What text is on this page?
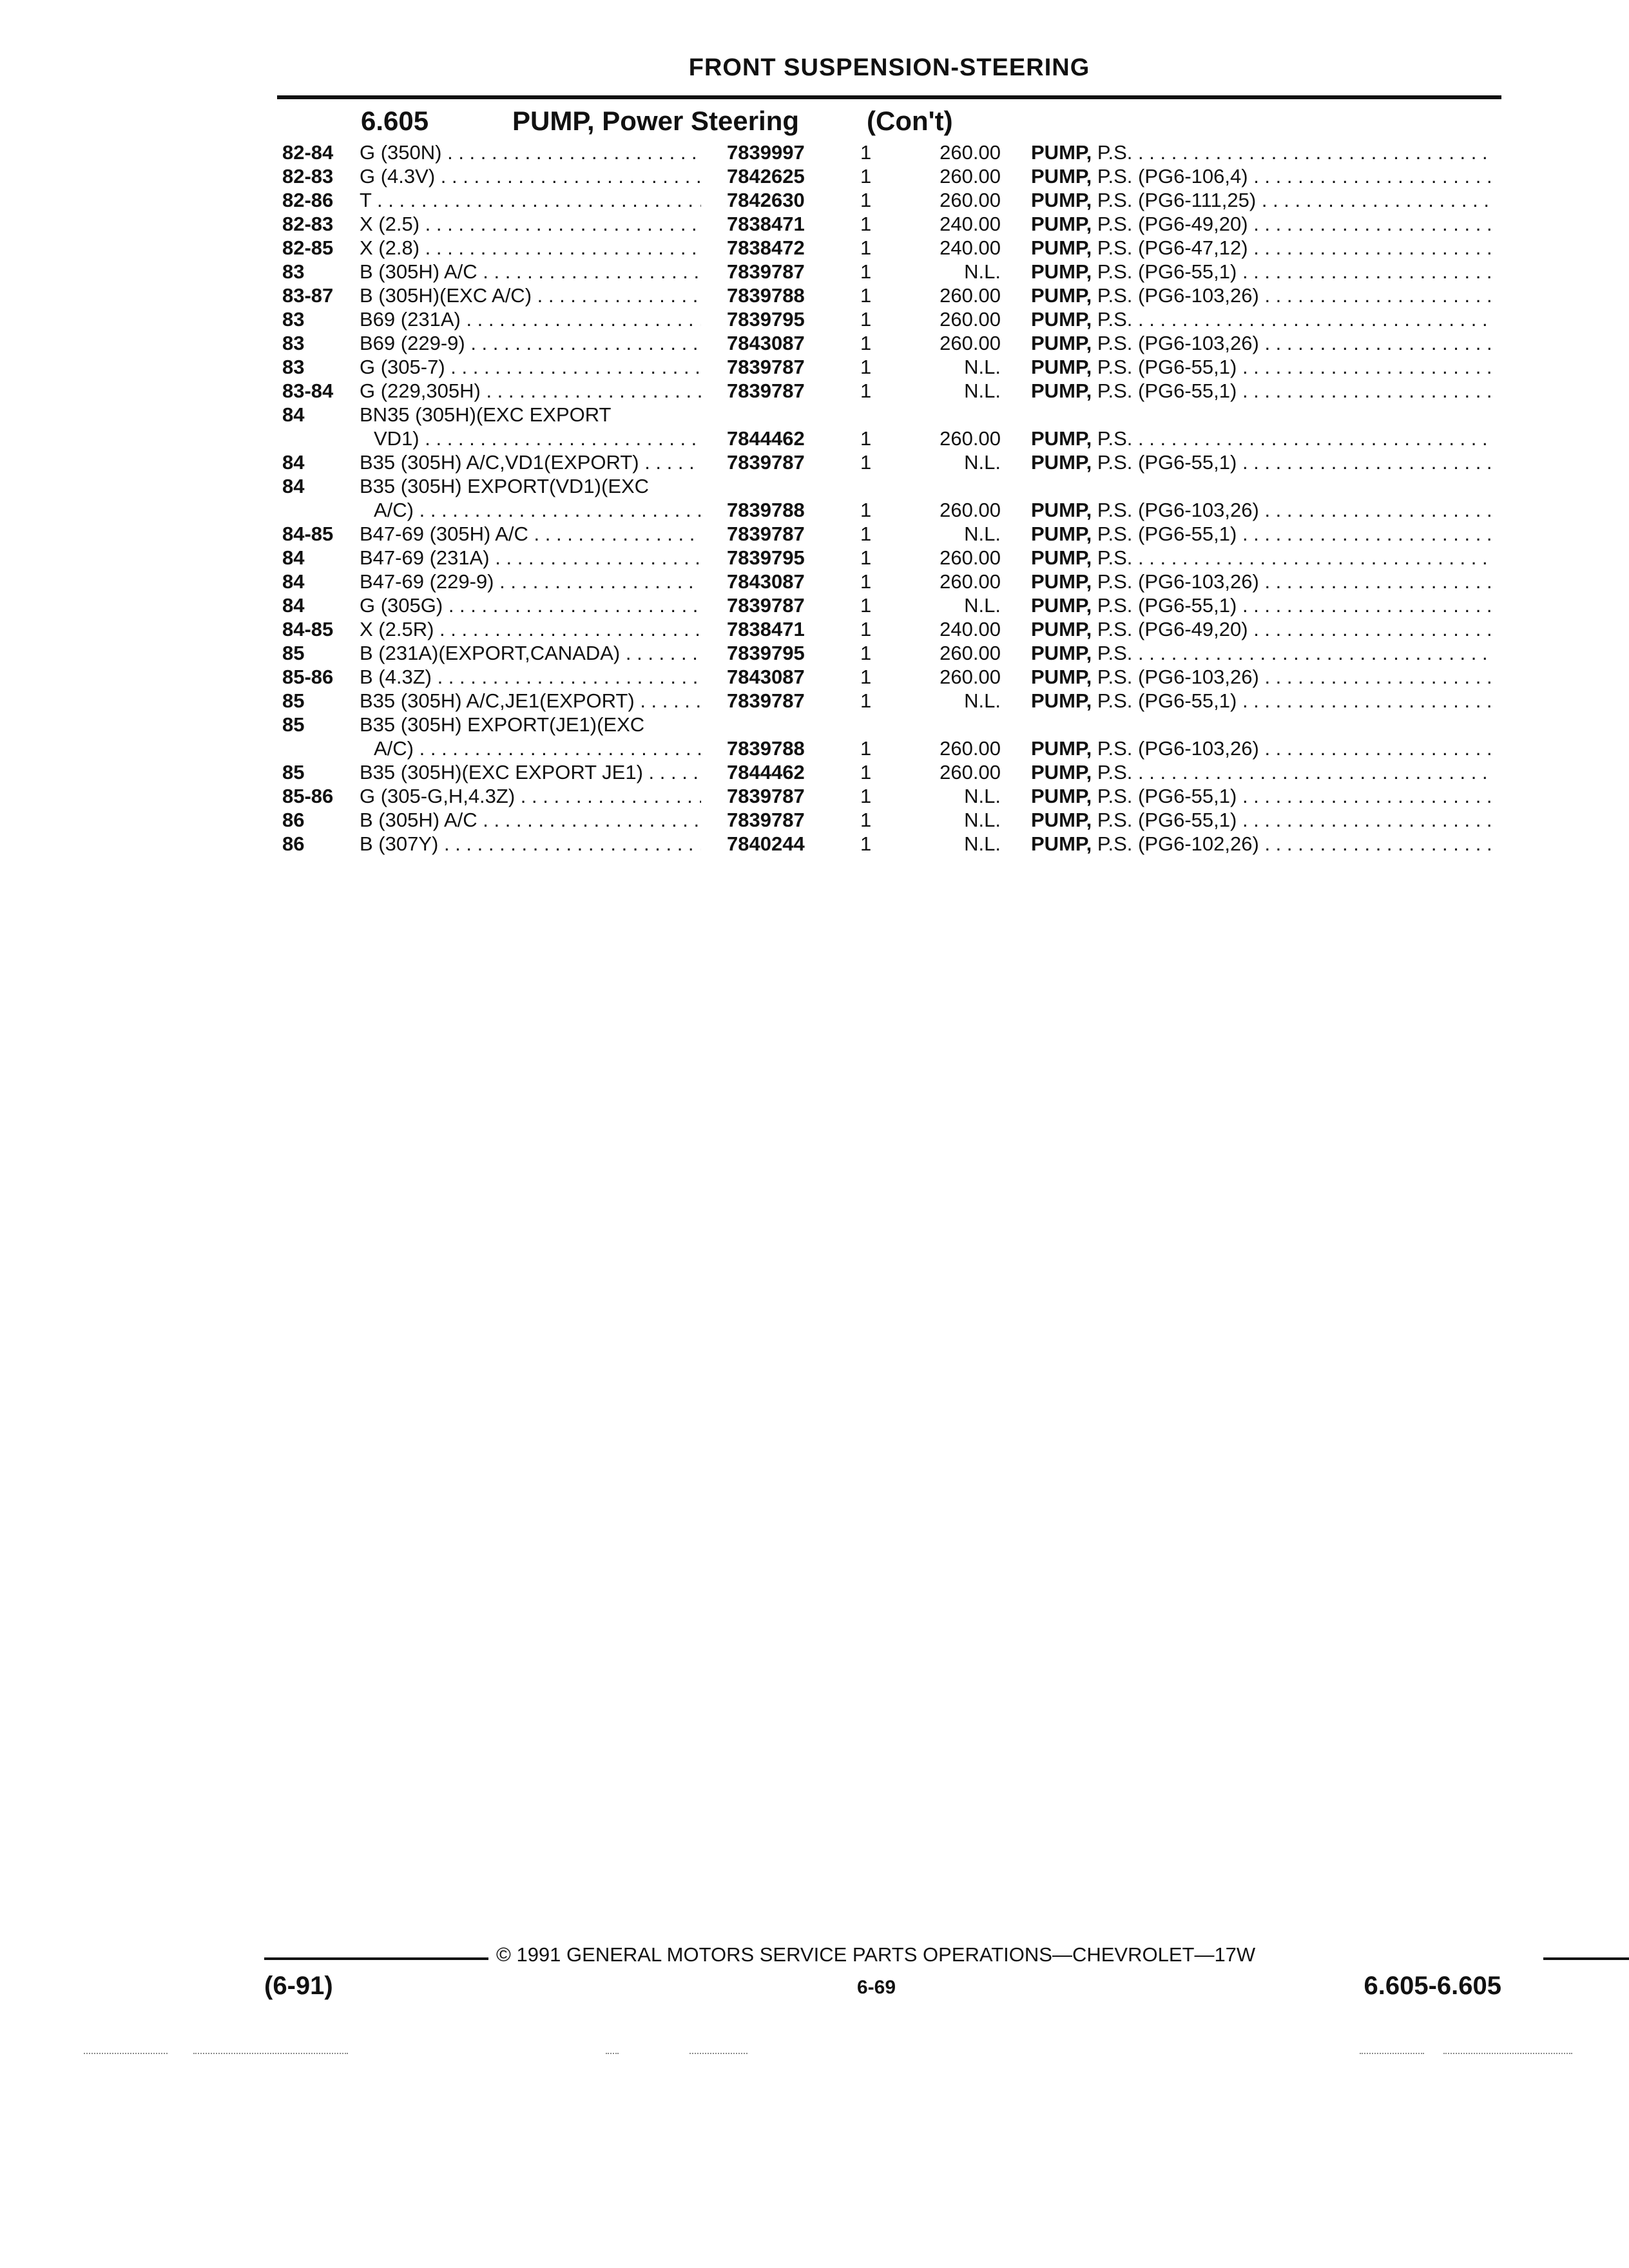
FRONT SUSPENSION-STEERING
6.605	PUMP, Power Steering (Con't)
82-84	G (350N) . . .	7839997	1	260.00 PUMP, P.S. . . .
82-83	G (4.3V) . . .	7842625	1	260.00 PUMP, P.S. (PG6-106,4) . . .
82-86	T . . .	7842630	1	260.00 PUMP, P.S. (PG6-111,25) . . .
82-83	X (2.5) . . .	7838471	1	240.00 PUMP, P.S. (PG6-49,20) . . .
82-85	X (2.8) . . .	7838472	1	240.00 PUMP, P.S. (PG6-47,12) . . .
83	B (305H) A/C . . .	7839787	1	N.L. PUMP, P.S. (PG6-55,1) . . .
83-87	B (305H)(EXC A/C) . . .	7839788	1	260.00 PUMP, P.S. (PG6-103,26) . . .
83	B69 (231A) . . .	7839795	1	260.00 PUMP, P.S. . . .
83	B69 (229-9) . . .	7843087	1	260.00 PUMP, P.S. (PG6-103,26) . . .
83	G (305-7) . . .	7839787	1	N.L. PUMP, P.S. (PG6-55,1) . . .
83-84	G (229,305H) . . .	7839787	1	N.L. PUMP, P.S. (PG6-55,1) . . .
84	BN35 (305H)(EXC EXPORT
VD1) . . .	7844462	1	260.00 PUMP, P.S. . . .
84	B35 (305H) A/C,VD1(EXPORT) . . .	7839787	1	N.L. PUMP, P.S. (PG6-55,1) . . .
84	B35 (305H) EXPORT(VD1)(EXC
A/C) . . .	7839788	1	260.00 PUMP, P.S. (PG6-103,26) . . .
84-85	B47-69 (305H) A/C . . .	7839787	1	N.L. PUMP, P.S. (PG6-55,1) . . .
84	B47-69 (231A) . . .	7839795	1	260.00 PUMP, P.S. . . .
84	B47-69 (229-9) . . .	7843087	1	260.00 PUMP, P.S. (PG6-103,26) . . .
84	G (305G) . . .	7839787	1	N.L. PUMP, P.S. (PG6-55,1) . . .
84-85	X (2.5R) . . .	7838471	1	240.00 PUMP, P.S. (PG6-49,20) . . .
85	B (231A)(EXPORT,CANADA) . . .	7839795	1	260.00 PUMP, P.S. . . .
85-86	B (4.3Z) . . .	7843087	1	260.00 PUMP, P.S. (PG6-103,26) . . .
85	B35 (305H) A/C,JE1(EXPORT) . . .	7839787	1	N.L. PUMP, P.S. (PG6-55,1) . . .
85	B35 (305H) EXPORT(JE1)(EXC
A/C) . . .	7839788	1	260.00 PUMP, P.S. (PG6-103,26) . . .
85	B35 (305H)(EXC EXPORT JE1) . . .	7844462	1	260.00 PUMP, P.S. . . .
85-86	G (305-G,H,4.3Z) . . .	7839787	1	N.L. PUMP, P.S. (PG6-55,1) . . .
86	B (305H) A/C . . .	7839787	1	N.L. PUMP, P.S. (PG6-55,1) . . .
86	B (307Y) . . .	7840244	1	N.L. PUMP, P.S. (PG6-102,26) . . .
© 1991 GENERAL MOTORS SERVICE PARTS OPERATIONS—CHEVROLET—17W
(6-91)	6-69	6.605-6.605
